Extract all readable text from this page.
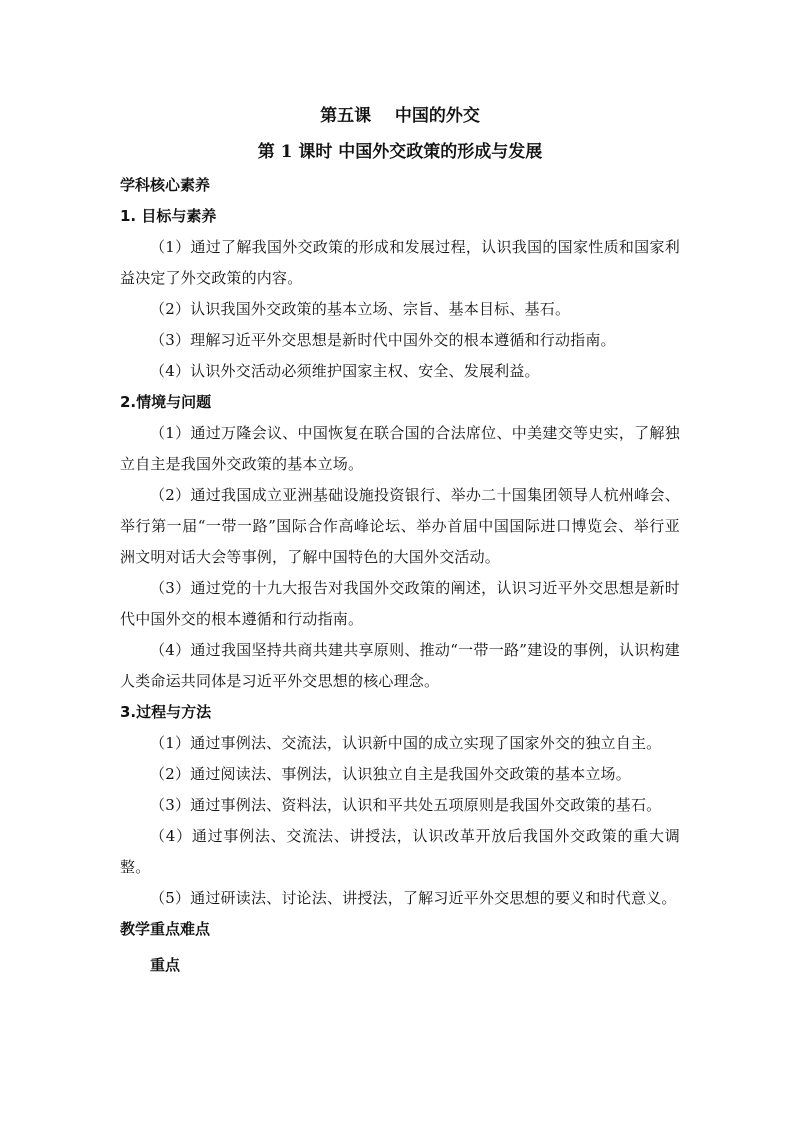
第五课    中国的外交

第 1 课时 中国外交政策的形成与发展

学科核心素养

1. 目标与素养

（1）通过了解我国外交政策的形成和发展过程，认识我国的国家性质和国家利益决定了外交政策的内容。

（2）认识我国外交政策的基本立场、宗旨、基本目标、基石。

（3）理解习近平外交思想是新时代中国外交的根本遵循和行动指南。

（4）认识外交活动必须维护国家主权、安全、发展利益。

2.情境与问题

（1）通过万隆会议、中国恢复在联合国的合法席位、中美建交等史实，了解独立自主是我国外交政策的基本立场。

（2）通过我国成立亚洲基础设施投资银行、举办二十国集团领导人杭州峰会、举行第一届“一带一路”国际合作高峰论坛、举办首届中国国际进口博览会、举行亚洲文明对话大会等事例，了解中国特色的大国外交活动。

（3）通过党的十九大报告对我国外交政策的阐述，认识习近平外交思想是新时代中国外交的根本遵循和行动指南。

（4）通过我国坚持共商共建共享原则、推动“一带一路”建设的事例，认识构建人类命运共同体是习近平外交思想的核心理念。

3.过程与方法

（1）通过事例法、交流法，认识新中国的成立实现了国家外交的独立自主。

（2）通过阅读法、事例法，认识独立自主是我国外交政策的基本立场。

（3）通过事例法、资料法，认识和平共处五项原则是我国外交政策的基石。

（4）通过事例法、交流法、讲授法，认识改革开放后我国外交政策的重大调整。

（5）通过研读法、讨论法、讲授法，了解习近平外交思想的要义和时代意义。

教学重点难点

重点
